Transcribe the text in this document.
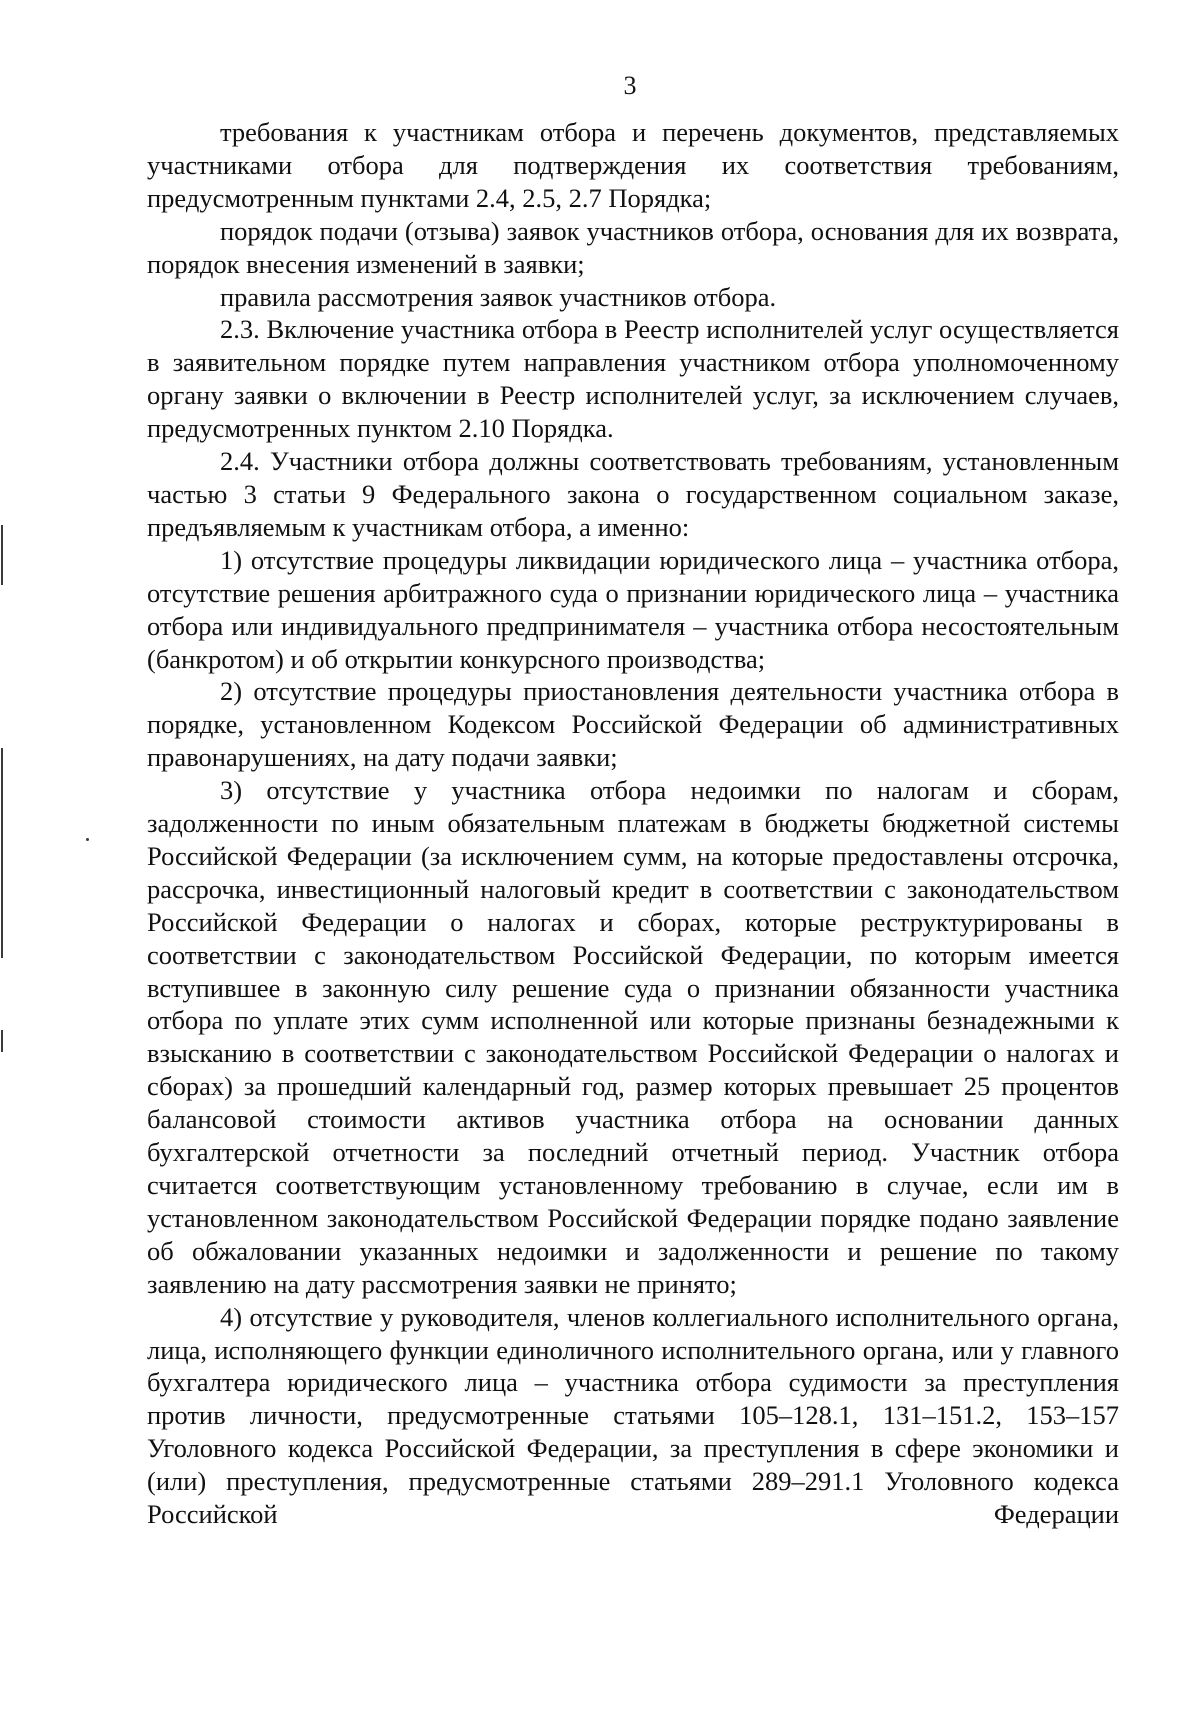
3

требования к участникам отбора и перечень документов, представляемых участниками отбора для подтверждения их соответствия требованиям, предусмотренным пунктами 2.4, 2.5, 2.7 Порядка;

порядок подачи (отзыва) заявок участников отбора, основания для их возврата, порядок внесения изменений в заявки;

правила рассмотрения заявок участников отбора.

2.3. Включение участника отбора в Реестр исполнителей услуг осуществляется в заявительном порядке путем направления участником отбора уполномоченному органу заявки о включении в Реестр исполнителей услуг, за исключением случаев, предусмотренных пунктом 2.10 Порядка.

2.4. Участники отбора должны соответствовать требованиям, установленным частью 3 статьи 9 Федерального закона о государственном социальном заказе, предъявляемым к участникам отбора, а именно:

1) отсутствие процедуры ликвидации юридического лица – участника отбора, отсутствие решения арбитражного суда о признании юридического лица – участника отбора или индивидуального предпринимателя – участника отбора несостоятельным (банкротом) и об открытии конкурсного производства;

2) отсутствие процедуры приостановления деятельности участника отбора в порядке, установленном Кодексом Российской Федерации об административных правонарушениях, на дату подачи заявки;

3) отсутствие у участника отбора недоимки по налогам и сборам, задолженности по иным обязательным платежам в бюджеты бюджетной системы Российской Федерации (за исключением сумм, на которые предоставлены отсрочка, рассрочка, инвестиционный налоговый кредит в соответствии с законодательством Российской Федерации о налогах и сборах, которые реструктурированы в соответствии с законодательством Российской Федерации, по которым имеется вступившее в законную силу решение суда о признании обязанности участника отбора по уплате этих сумм исполненной или которые признаны безнадежными к взысканию в соответствии с законодательством Российской Федерации о налогах и сборах) за прошедший календарный год, размер которых превышает 25 процентов балансовой стоимости активов участника отбора на основании данных бухгалтерской отчетности за последний отчетный период. Участник отбора считается соответствующим установленному требованию в случае, если им в установленном законодательством Российской Федерации порядке подано заявление об обжаловании указанных недоимки и задолженности и решение по такому заявлению на дату рассмотрения заявки не принято;

4) отсутствие у руководителя, членов коллегиального исполнительного органа, лица, исполняющего функции единоличного исполнительного органа, или у главного бухгалтера юридического лица – участника отбора судимости за преступления против личности, предусмотренные статьями 105–128.1, 131–151.2, 153–157 Уголовного кодекса Российской Федерации, за преступления в сфере экономики и (или) преступления, предусмотренные статьями 289–291.1 Уголовного кодекса Российской Федерации
